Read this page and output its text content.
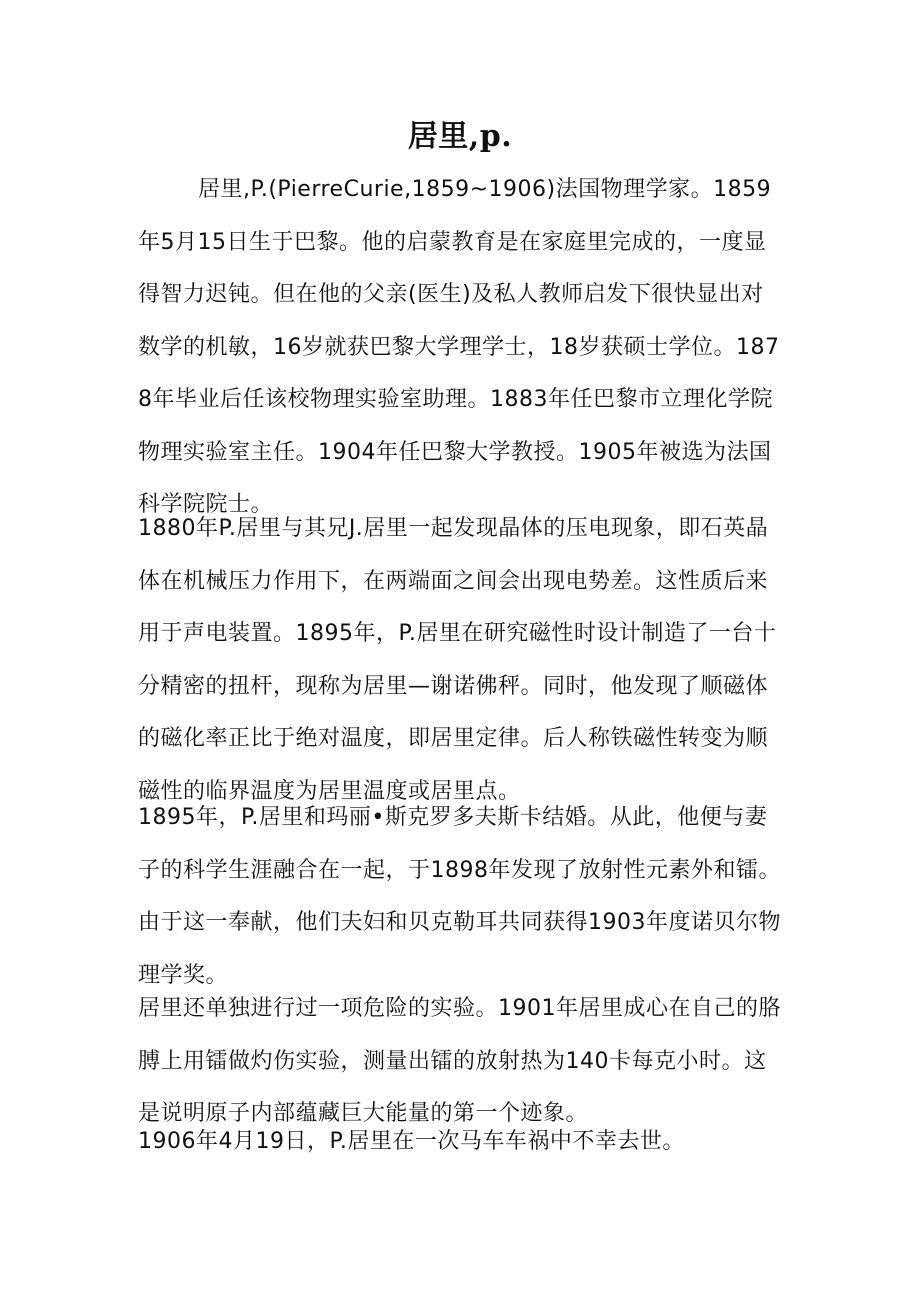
居里,p.
居里,P.(PierreCurie,1859~1906)法国物理学家。1859年5月15日生于巴黎。他的启蒙教育是在家庭里完成的，一度显得智力迟钝。但在他的父亲(医生)及私人教师启发下很快显出对数学的机敏，16岁就获巴黎大学理学士，18岁获硕士学位。1878年毕业后任该校物理实验室助理。1883年任巴黎市立理化学院物理实验室主任。1904年任巴黎大学教授。1905年被选为法国科学院院士。
1880年P.居里与其兄J.居里一起发现晶体的压电现象，即石英晶体在机械压力作用下，在两端面之间会出现电势差。这性质后来用于声电装置。1895年，P.居里在研究磁性时设计制造了一台十分精密的扭杆，现称为居里—谢诺佛秤。同时，他发现了顺磁体的磁化率正比于绝对温度，即居里定律。后人称铁磁性转变为顺磁性的临界温度为居里温度或居里点。
1895年，P.居里和玛丽•斯克罗多夫斯卡结婚。从此，他便与妻子的科学生涯融合在一起，于1898年发现了放射性元素外和镭。由于这一奉献，他们夫妇和贝克勒耳共同获得1903年度诺贝尔物理学奖。
居里还单独进行过一项危险的实验。1901年居里成心在自己的胳膊上用镭做灼伤实验，测量出镭的放射热为140卡每克小时。这是说明原子内部蕴藏巨大能量的第一个迹象。
1906年4月19日，P.居里在一次马车车祸中不幸去世。
